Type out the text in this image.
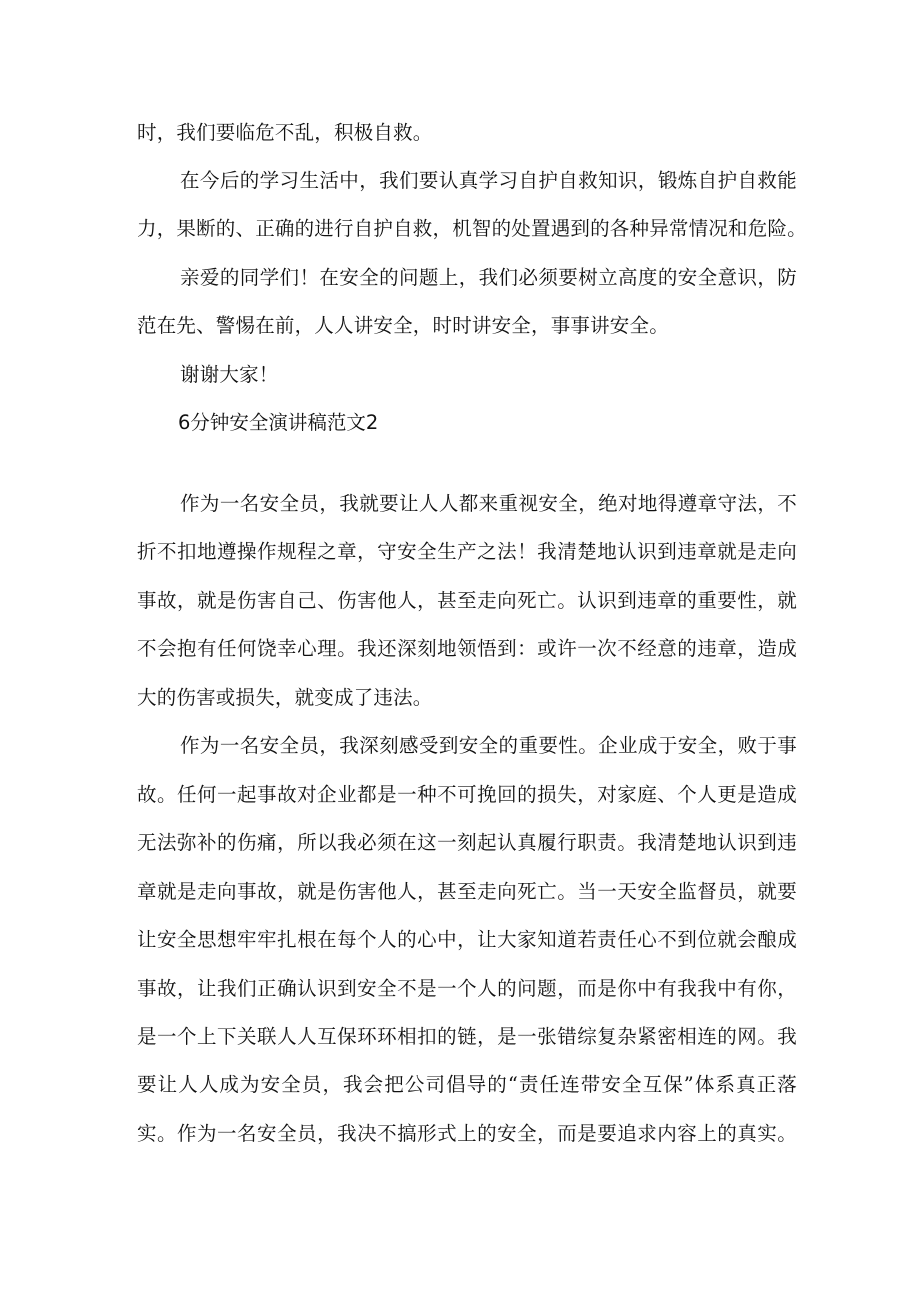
时，我们要临危不乱，积极自救。
在今后的学习生活中，我们要认真学习自护自救知识，锻炼自护自救能
力，果断的、正确的进行自护自救，机智的处置遇到的各种异常情况和危险。
亲爱的同学们！在安全的问题上，我们必须要树立高度的安全意识，防
范在先、警惕在前，人人讲安全，时时讲安全，事事讲安全。
谢谢大家！
6分钟安全演讲稿范文2
作为一名安全员，我就要让人人都来重视安全，绝对地得遵章守法，不
折不扣地遵操作规程之章，守安全生产之法！我清楚地认识到违章就是走向
事故，就是伤害自己、伤害他人，甚至走向死亡。认识到违章的重要性，就
不会抱有任何饶幸心理。我还深刻地领悟到：或许一次不经意的违章，造成
大的伤害或损失，就变成了违法。
作为一名安全员，我深刻感受到安全的重要性。企业成于安全，败于事
故。任何一起事故对企业都是一种不可挽回的损失，对家庭、个人更是造成
无法弥补的伤痛，所以我必须在这一刻起认真履行职责。我清楚地认识到违
章就是走向事故，就是伤害他人，甚至走向死亡。当一天安全监督员，就要
让安全思想牢牢扎根在每个人的心中，让大家知道若责任心不到位就会酿成
事故，让我们正确认识到安全不是一个人的问题，而是你中有我我中有你，
是一个上下关联人人互保环环相扣的链，是一张错综复杂紧密相连的网。我
要让人人成为安全员，我会把公司倡导的“责任连带安全互保”体系真正落
实。作为一名安全员，我决不搞形式上的安全，而是要追求内容上的真实。
